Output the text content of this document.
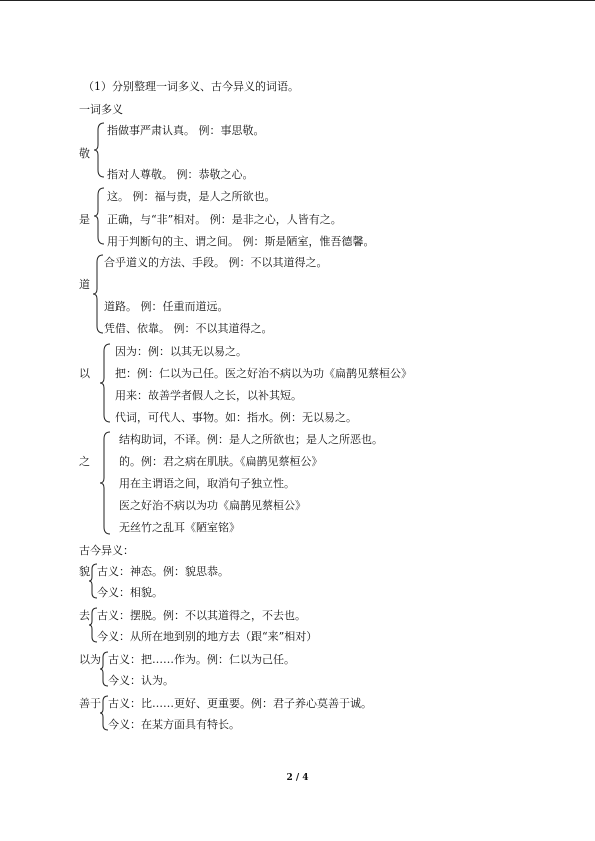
（1）分别整理一词多义、古今异义的词语。
一词多义
敬
指做事严肃认真。 例：事思敬。
指对人尊敬。 例：恭敬之心。
是
这。 例：福与贵，是人之所欲也。
正确，与“非”相对。 例：是非之心，人皆有之。
用于判断句的主、谓之间。 例：斯是陋室，惟吾德馨。
道
合乎道义的方法、手段。 例：不以其道得之。
道路。 例：任重而道远。
凭借、依靠。 例：不以其道得之。
以
因为：例：以其无以易之。
把：例：仁以为己任。医之好治不病以为功《扁鹊见蔡桓公》
用来：故善学者假人之长，以补其短。
代词，可代人、事物。如：指水。例：无以易之。
之
结构助词，不译。例：是人之所欲也；是人之所恶也。
的。例：君之病在肌肤。《扁鹊见蔡桓公》
用在主谓语之间，取消句子独立性。
医之好治不病以为功《扁鹊见蔡桓公》
无丝竹之乱耳《陋室铭》
古今异义：
貌 古义：神态。例：貌思恭。
今义：相貌。
去 古义：摆脱。例：不以其道得之，不去也。
今义：从所在地到别的地方去（跟“来”相对）
以为 古义：把……作为。例：仁以为己任。
今义：认为。
善于 古义：比……更好、更重要。例：君子养心莫善于诚。
今义：在某方面具有特长。
2 / 4
